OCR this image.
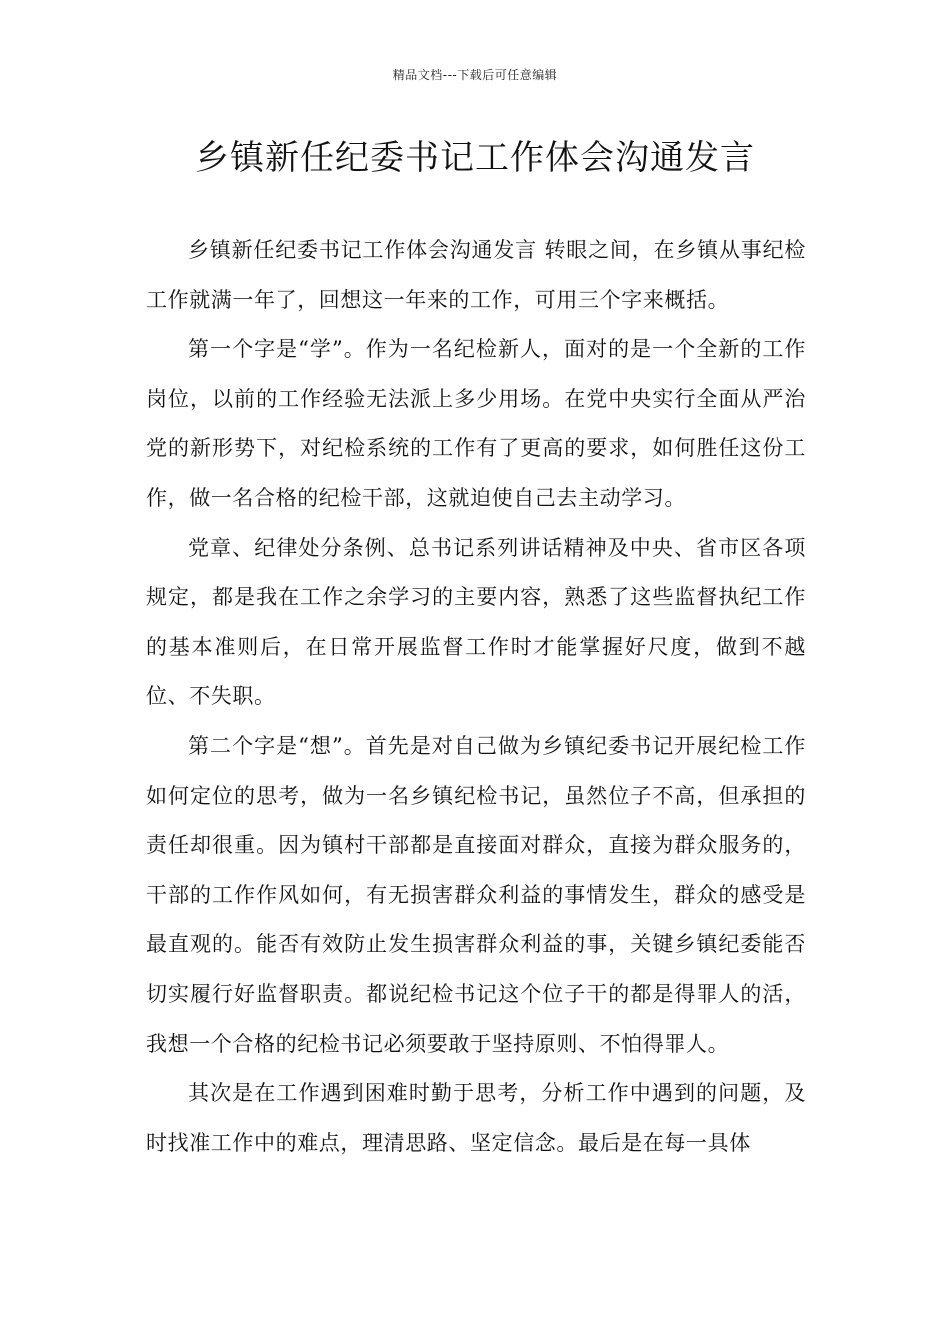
精品文档---下载后可任意编辑
乡镇新任纪委书记工作体会沟通发言

乡镇新任纪委书记工作体会沟通发言 转眼之间，在乡镇从事纪检工作就满一年了，回想这一年来的工作，可用三个字来概括。

第一个字是“学”。作为一名纪检新人，面对的是一个全新的工作岗位，以前的工作经验无法派上多少用场。在党中央实行全面从严治党的新形势下，对纪检系统的工作有了更高的要求，如何胜任这份工作，做一名合格的纪检干部，这就迫使自己去主动学习。

党章、纪律处分条例、总书记系列讲话精神及中央、省市区各项规定，都是我在工作之余学习的主要内容，熟悉了这些监督执纪工作的基本准则后，在日常开展监督工作时才能掌握好尺度，做到不越位、不失职。

第二个字是“想”。首先是对自己做为乡镇纪委书记开展纪检工作如何定位的思考，做为一名乡镇纪检书记，虽然位子不高，但承担的责任却很重。因为镇村干部都是直接面对群众，直接为群众服务的，干部的工作作风如何，有无损害群众利益的事情发生，群众的感受是最直观的。能否有效防止发生损害群众利益的事，关键乡镇纪委能否切实履行好监督职责。都说纪检书记这个位子干的都是得罪人的活，我想一个合格的纪检书记必须要敢于坚持原则、不怕得罪人。

其次是在工作遇到困难时勤于思考，分析工作中遇到的问题，及时找准工作中的难点，理清思路、坚定信念。最后是在每一具体
